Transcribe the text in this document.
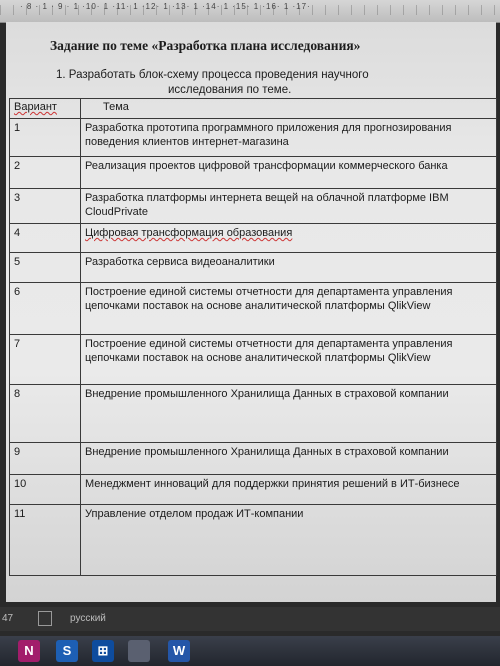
· 8 · 1 · 9 · 1 ·10· 1 ·11· 1 ·12· 1 ·13· 1 ·14· 1 ·15· 1 ·16· 1 ·17·
Задание по теме «Разработка плана исследования»
1. Разработать блок-схему процесса проведения научного
исследования по теме.
Вариант	Тема
1	Разработка прототипа программного приложения для прогнозирования поведения клиентов интернет-магазина
2	Реализация проектов цифровой трансформации коммерческого банка
3	Разработка платформы интернета вещей на облачной платформе IBM CloudPrivate
4	Цифровая трансформация образования
5	Разработка сервиса видеоаналитики
6	Построение единой системы отчетности для департамента управления цепочками поставок на основе аналитической платформы QlikView
7	Построение единой системы отчетности для департамента управления цепочками поставок на основе аналитической платформы QlikView
8	Внедрение промышленного Хранилища Данных в страховой компании
9	Внедрение промышленного Хранилища Данных в страховой компании
10	Менеджмент инноваций для поддержки принятия решений в ИТ-бизнесе
11	Управление отделом продаж ИТ-компании
47	русский
N	S	⊞	W
